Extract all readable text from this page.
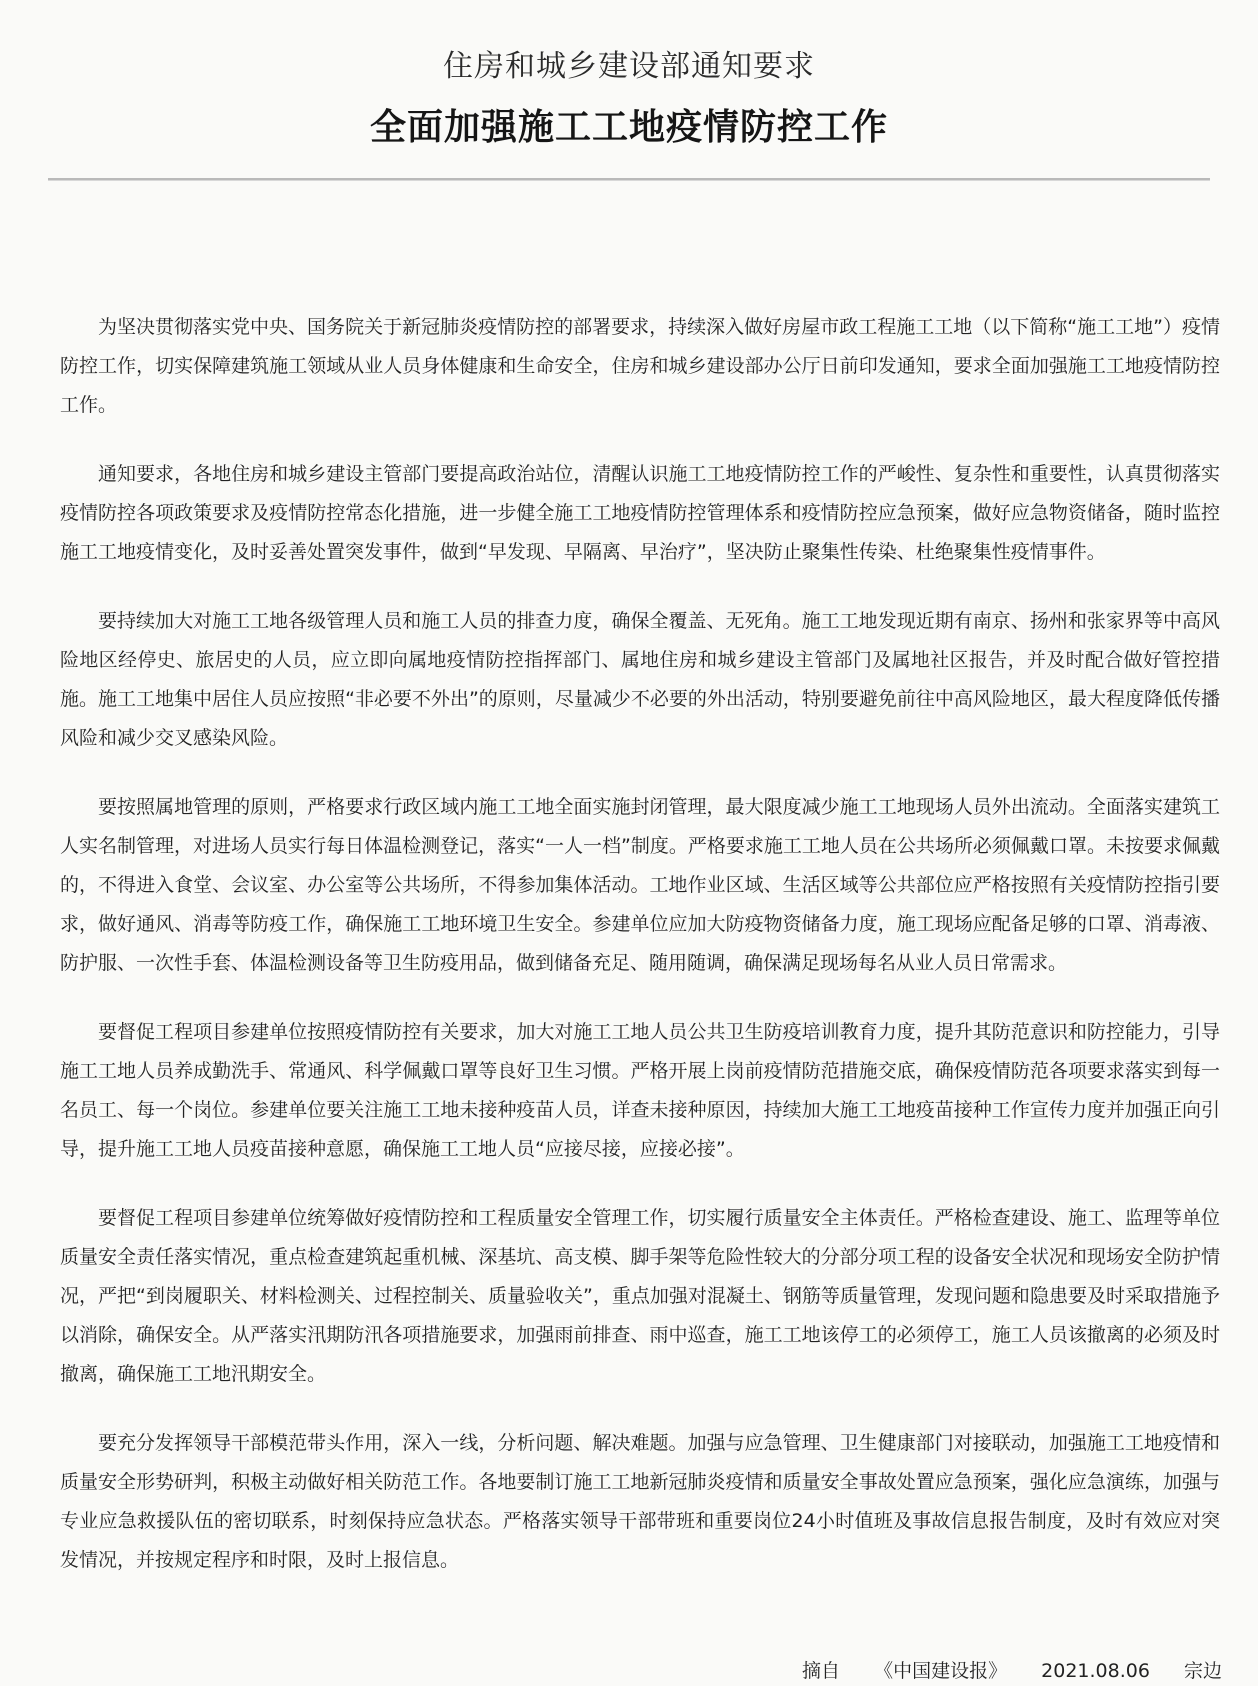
住房和城乡建设部通知要求
全面加强施工工地疫情防控工作

为坚决贯彻落实党中央、国务院关于新冠肺炎疫情防控的部署要求，持续深入做好房屋市政工程施工工地（以下简称“施工工地”）疫情防控工作，切实保障建筑施工领域从业人员身体健康和生命安全，住房和城乡建设部办公厅日前印发通知，要求全面加强施工工地疫情防控工作。

通知要求，各地住房和城乡建设主管部门要提高政治站位，清醒认识施工工地疫情防控工作的严峻性、复杂性和重要性，认真贯彻落实疫情防控各项政策要求及疫情防控常态化措施，进一步健全施工工地疫情防控管理体系和疫情防控应急预案，做好应急物资储备，随时监控施工工地疫情变化，及时妥善处置突发事件，做到“早发现、早隔离、早治疗”，坚决防止聚集性传染、杜绝聚集性疫情事件。

要持续加大对施工工地各级管理人员和施工人员的排查力度，确保全覆盖、无死角。施工工地发现近期有南京、扬州和张家界等中高风险地区经停史、旅居史的人员，应立即向属地疫情防控指挥部门、属地住房和城乡建设主管部门及属地社区报告，并及时配合做好管控措施。施工工地集中居住人员应按照“非必要不外出”的原则，尽量减少不必要的外出活动，特别要避免前往中高风险地区，最大程度降低传播风险和减少交叉感染风险。

要按照属地管理的原则，严格要求行政区域内施工工地全面实施封闭管理，最大限度减少施工工地现场人员外出流动。全面落实建筑工人实名制管理，对进场人员实行每日体温检测登记，落实“一人一档”制度。严格要求施工工地人员在公共场所必须佩戴口罩。未按要求佩戴的，不得进入食堂、会议室、办公室等公共场所，不得参加集体活动。工地作业区域、生活区域等公共部位应严格按照有关疫情防控指引要求，做好通风、消毒等防疫工作，确保施工工地环境卫生安全。参建单位应加大防疫物资储备力度，施工现场应配备足够的口罩、消毒液、防护服、一次性手套、体温检测设备等卫生防疫用品，做到储备充足、随用随调，确保满足现场每名从业人员日常需求。

要督促工程项目参建单位按照疫情防控有关要求，加大对施工工地人员公共卫生防疫培训教育力度，提升其防范意识和防控能力，引导施工工地人员养成勤洗手、常通风、科学佩戴口罩等良好卫生习惯。严格开展上岗前疫情防范措施交底，确保疫情防范各项要求落实到每一名员工、每一个岗位。参建单位要关注施工工地未接种疫苗人员，详查未接种原因，持续加大施工工地疫苗接种工作宣传力度并加强正向引导，提升施工工地人员疫苗接种意愿，确保施工工地人员“应接尽接，应接必接”。

要督促工程项目参建单位统筹做好疫情防控和工程质量安全管理工作，切实履行质量安全主体责任。严格检查建设、施工、监理等单位质量安全责任落实情况，重点检查建筑起重机械、深基坑、高支模、脚手架等危险性较大的分部分项工程的设备安全状况和现场安全防护情况，严把“到岗履职关、材料检测关、过程控制关、质量验收关”，重点加强对混凝土、钢筋等质量管理，发现问题和隐患要及时采取措施予以消除，确保安全。从严落实汛期防汛各项措施要求，加强雨前排查、雨中巡查，施工工地该停工的必须停工，施工人员该撤离的必须及时撤离，确保施工工地汛期安全。

要充分发挥领导干部模范带头作用，深入一线，分析问题、解决难题。加强与应急管理、卫生健康部门对接联动，加强施工工地疫情和质量安全形势研判，积极主动做好相关防范工作。各地要制订施工工地新冠肺炎疫情和质量安全事故处置应急预案，强化应急演练，加强与专业应急救援队伍的密切联系，时刻保持应急状态。严格落实领导干部带班和重要岗位24小时值班及事故信息报告制度，及时有效应对突发情况，并按规定程序和时限，及时上报信息。

摘自 《中国建设报》 2021.08.06 宗边
